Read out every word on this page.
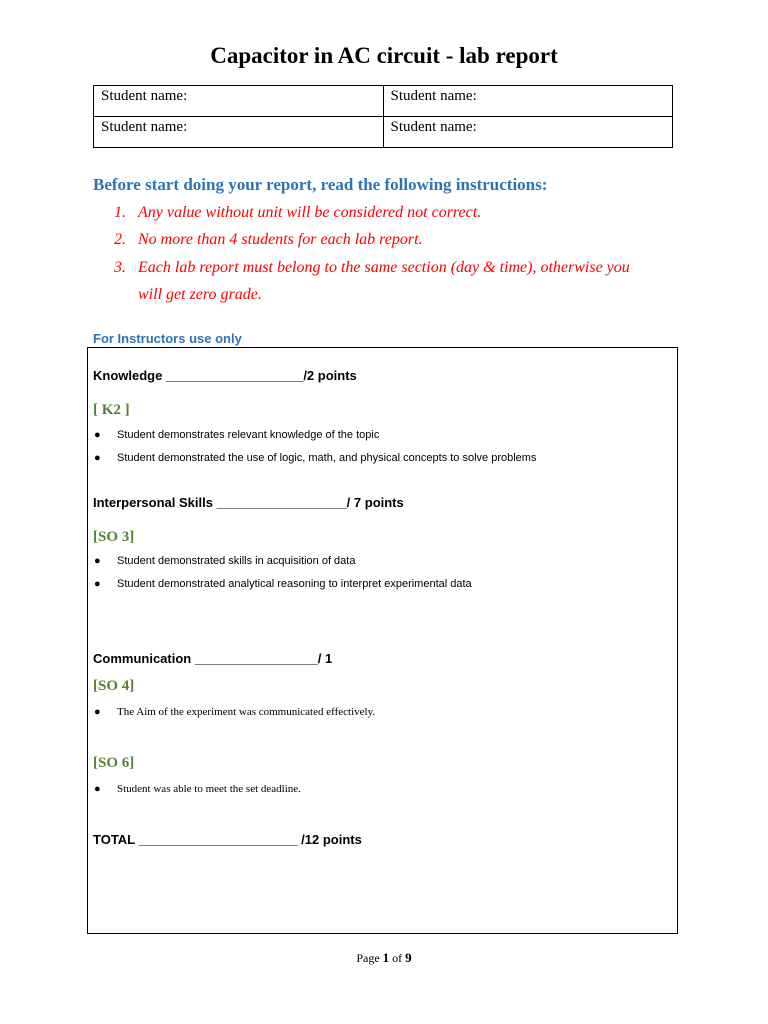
Capacitor in AC circuit - lab report
Student name:	Student name:
Student name:	Student name:
Before start doing your report, read the following instructions:
1. Any value without unit will be considered not correct.
2. No more than 4 students for each lab report.
3. Each lab report must belong to the same section (day & time), otherwise you
will get zero grade.
For Instructors use only
Knowledge ___________________/2 points
[ K2 ]
● Student demonstrates relevant knowledge of the topic
● Student demonstrated the use of logic, math, and physical concepts to solve problems
Interpersonal Skills __________________/ 7 points
[SO 3]
● Student demonstrated skills in acquisition of data
● Student demonstrated analytical reasoning to interpret experimental data
Communication _________________/ 1
[SO 4]
● The Aim of the experiment was communicated effectively.
[SO 6]
● Student was able to meet the set deadline.
TOTAL ______________________ /12 points
Page 1 of 9
